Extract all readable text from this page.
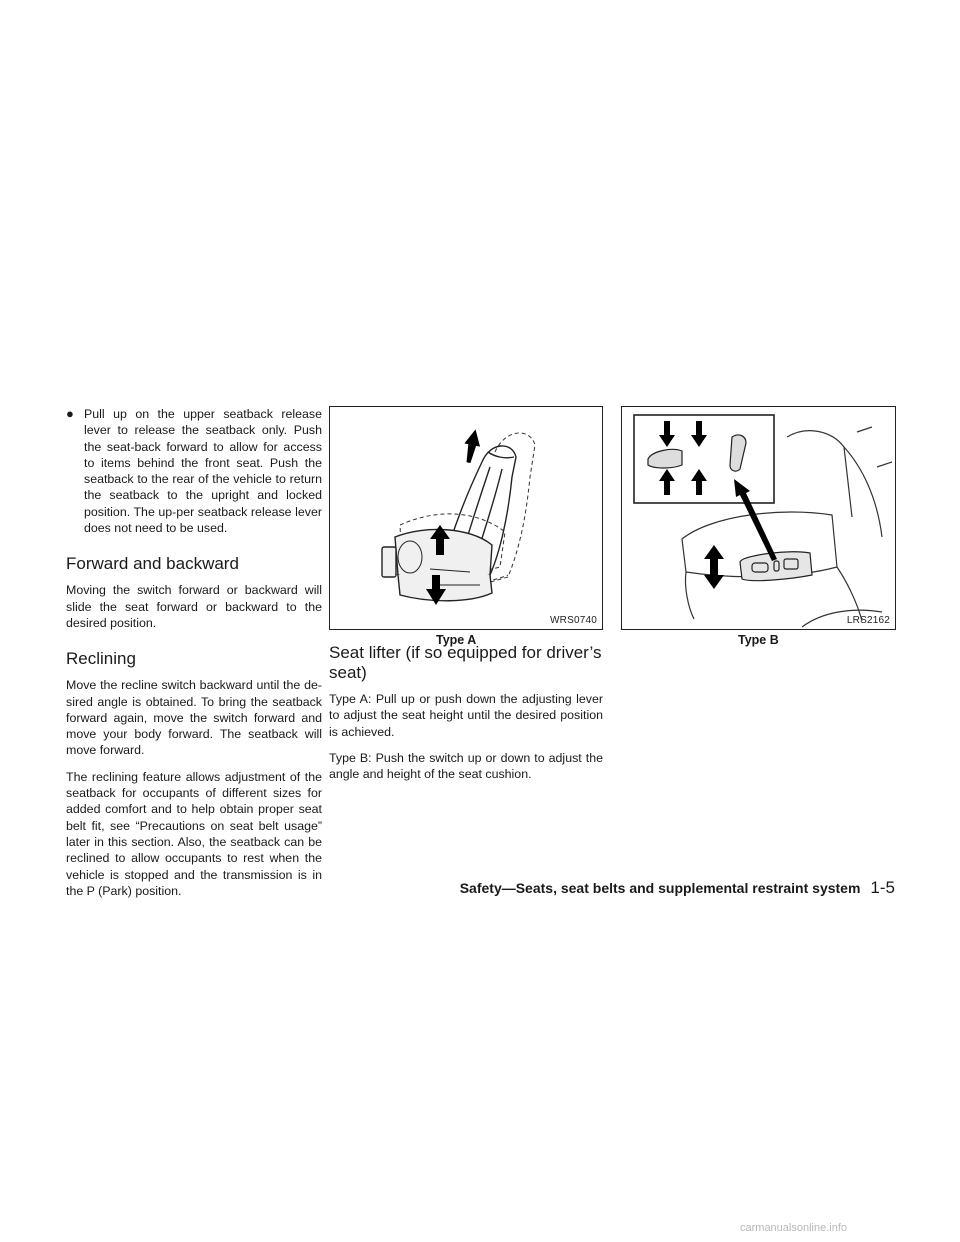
● Pull up on the upper seatback release lever to release the seatback only. Push the seat-back forward to allow for access to items behind the front seat. Push the seatback to the rear of the vehicle to return the seatback to the upright and locked position. The up-per seatback release lever does not need to be used.
Forward and backward

Moving the switch forward or backward will slide the seat forward or backward to the desired position.

Reclining

Move the recline switch backward until the de-sired angle is obtained. To bring the seatback forward again, move the switch forward and move your body forward. The seatback will move forward.

The reclining feature allows adjustment of the seatback for occupants of different sizes for added comfort and to help obtain proper seat belt fit, see “Precautions on seat belt usage” later in this section. Also, the seatback can be reclined to allow occupants to rest when the vehicle is stopped and the transmission is in the P (Park) position.

WRS0740
Type A
LRS2162
Type B
Seat lifter (if so equipped for driver’s seat)

Type A: Pull up or push down the adjusting lever to adjust the seat height until the desired position is achieved.

Type B: Push the switch up or down to adjust the angle and height of the seat cushion.

Safety—Seats, seat belts and supplemental restraint system 1-5
carmanualsonline.info
